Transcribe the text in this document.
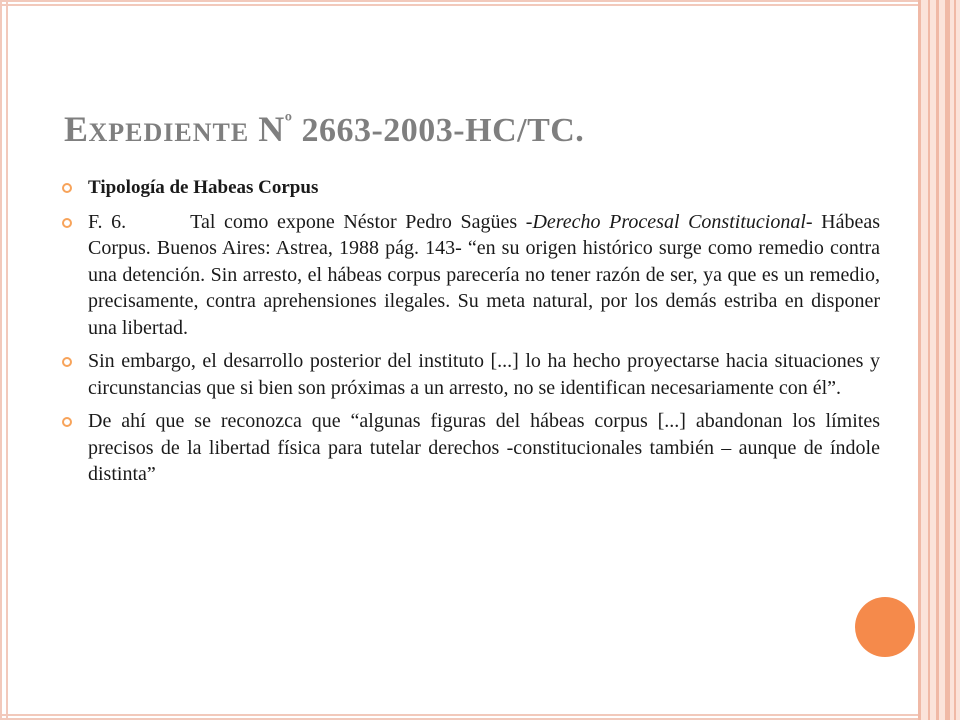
EXPEDIENTE $N^º$ 2663-2003-HC/TC.
Tipología de Habeas Corpus
F. 6.	Tal como expone Néstor Pedro Sagües -Derecho Procesal Constitucional- Hábeas Corpus. Buenos Aires: Astrea, 1988 pág. 143- “en su origen histórico surge como remedio contra una detención. Sin arresto, el hábeas corpus parecería no tener razón de ser, ya que es un remedio, precisamente, contra aprehensiones ilegales. Su meta natural, por los demás estriba en disponer una libertad.
Sin embargo, el desarrollo posterior del instituto [...] lo ha hecho proyectarse hacia situaciones y circunstancias que si bien son próximas a un arresto, no se identifican necesariamente con él”.
De ahí que se reconozca que “algunas figuras del hábeas corpus [...] abandonan los límites precisos de la libertad física para tutelar derechos -constitucionales también – aunque de índole distinta”
